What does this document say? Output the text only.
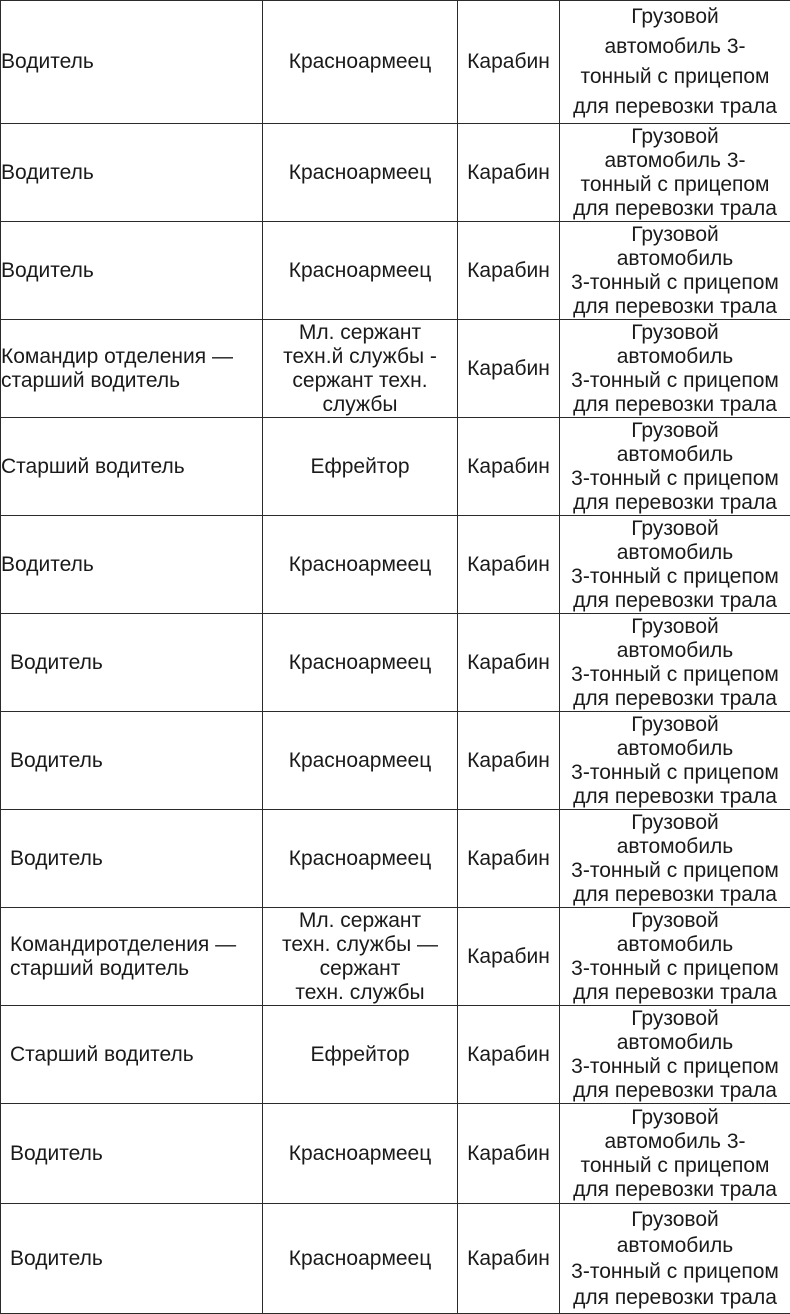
Водитель	Красноармеец	Карабин	Грузовой
автомобиль 3-
тонный с прицепом
для перевозки трала

Водитель	Красноармеец	Карабин	Грузовой
автомобиль 3-
тонный с прицепом
для перевозки трала

Водитель	Красноармеец	Карабин	Грузовой
автомобиль
3-тонный с прицепом
для перевозки трала

Командир отделения —
старший водитель	Мл. сержант
техн.й службы -
сержант техн.
службы	Карабин	Грузовой
автомобиль
3-тонный с прицепом
для перевозки трала

Старший водитель	Ефрейтор	Карабин	Грузовой
автомобиль
3-тонный с прицепом
для перевозки трала

Водитель	Красноармеец	Карабин	Грузовой
автомобиль
3-тонный с прицепом
для перевозки трала

Водитель	Красноармеец	Карабин	Грузовой
автомобиль
3-тонный с прицепом
для перевозки трала

Водитель	Красноармеец	Карабин	Грузовой
автомобиль
3-тонный с прицепом
для перевозки трала

Водитель	Красноармеец	Карабин	Грузовой
автомобиль
3-тонный с прицепом
для перевозки трала

Командиротделения —
старший водитель	Мл. сержант
техн. службы —
сержант
техн. службы	Карабин	Грузовой
автомобиль
3-тонный с прицепом
для перевозки трала

Старший водитель	Ефрейтор	Карабин	Грузовой
автомобиль
3-тонный с прицепом
для перевозки трала

Водитель	Красноармеец	Карабин	Грузовой
автомобиль 3-
тонный с прицепом
для перевозки трала

Водитель	Красноармеец	Карабин	Грузовой
автомобиль
3-тонный с прицепом
для перевозки трала
